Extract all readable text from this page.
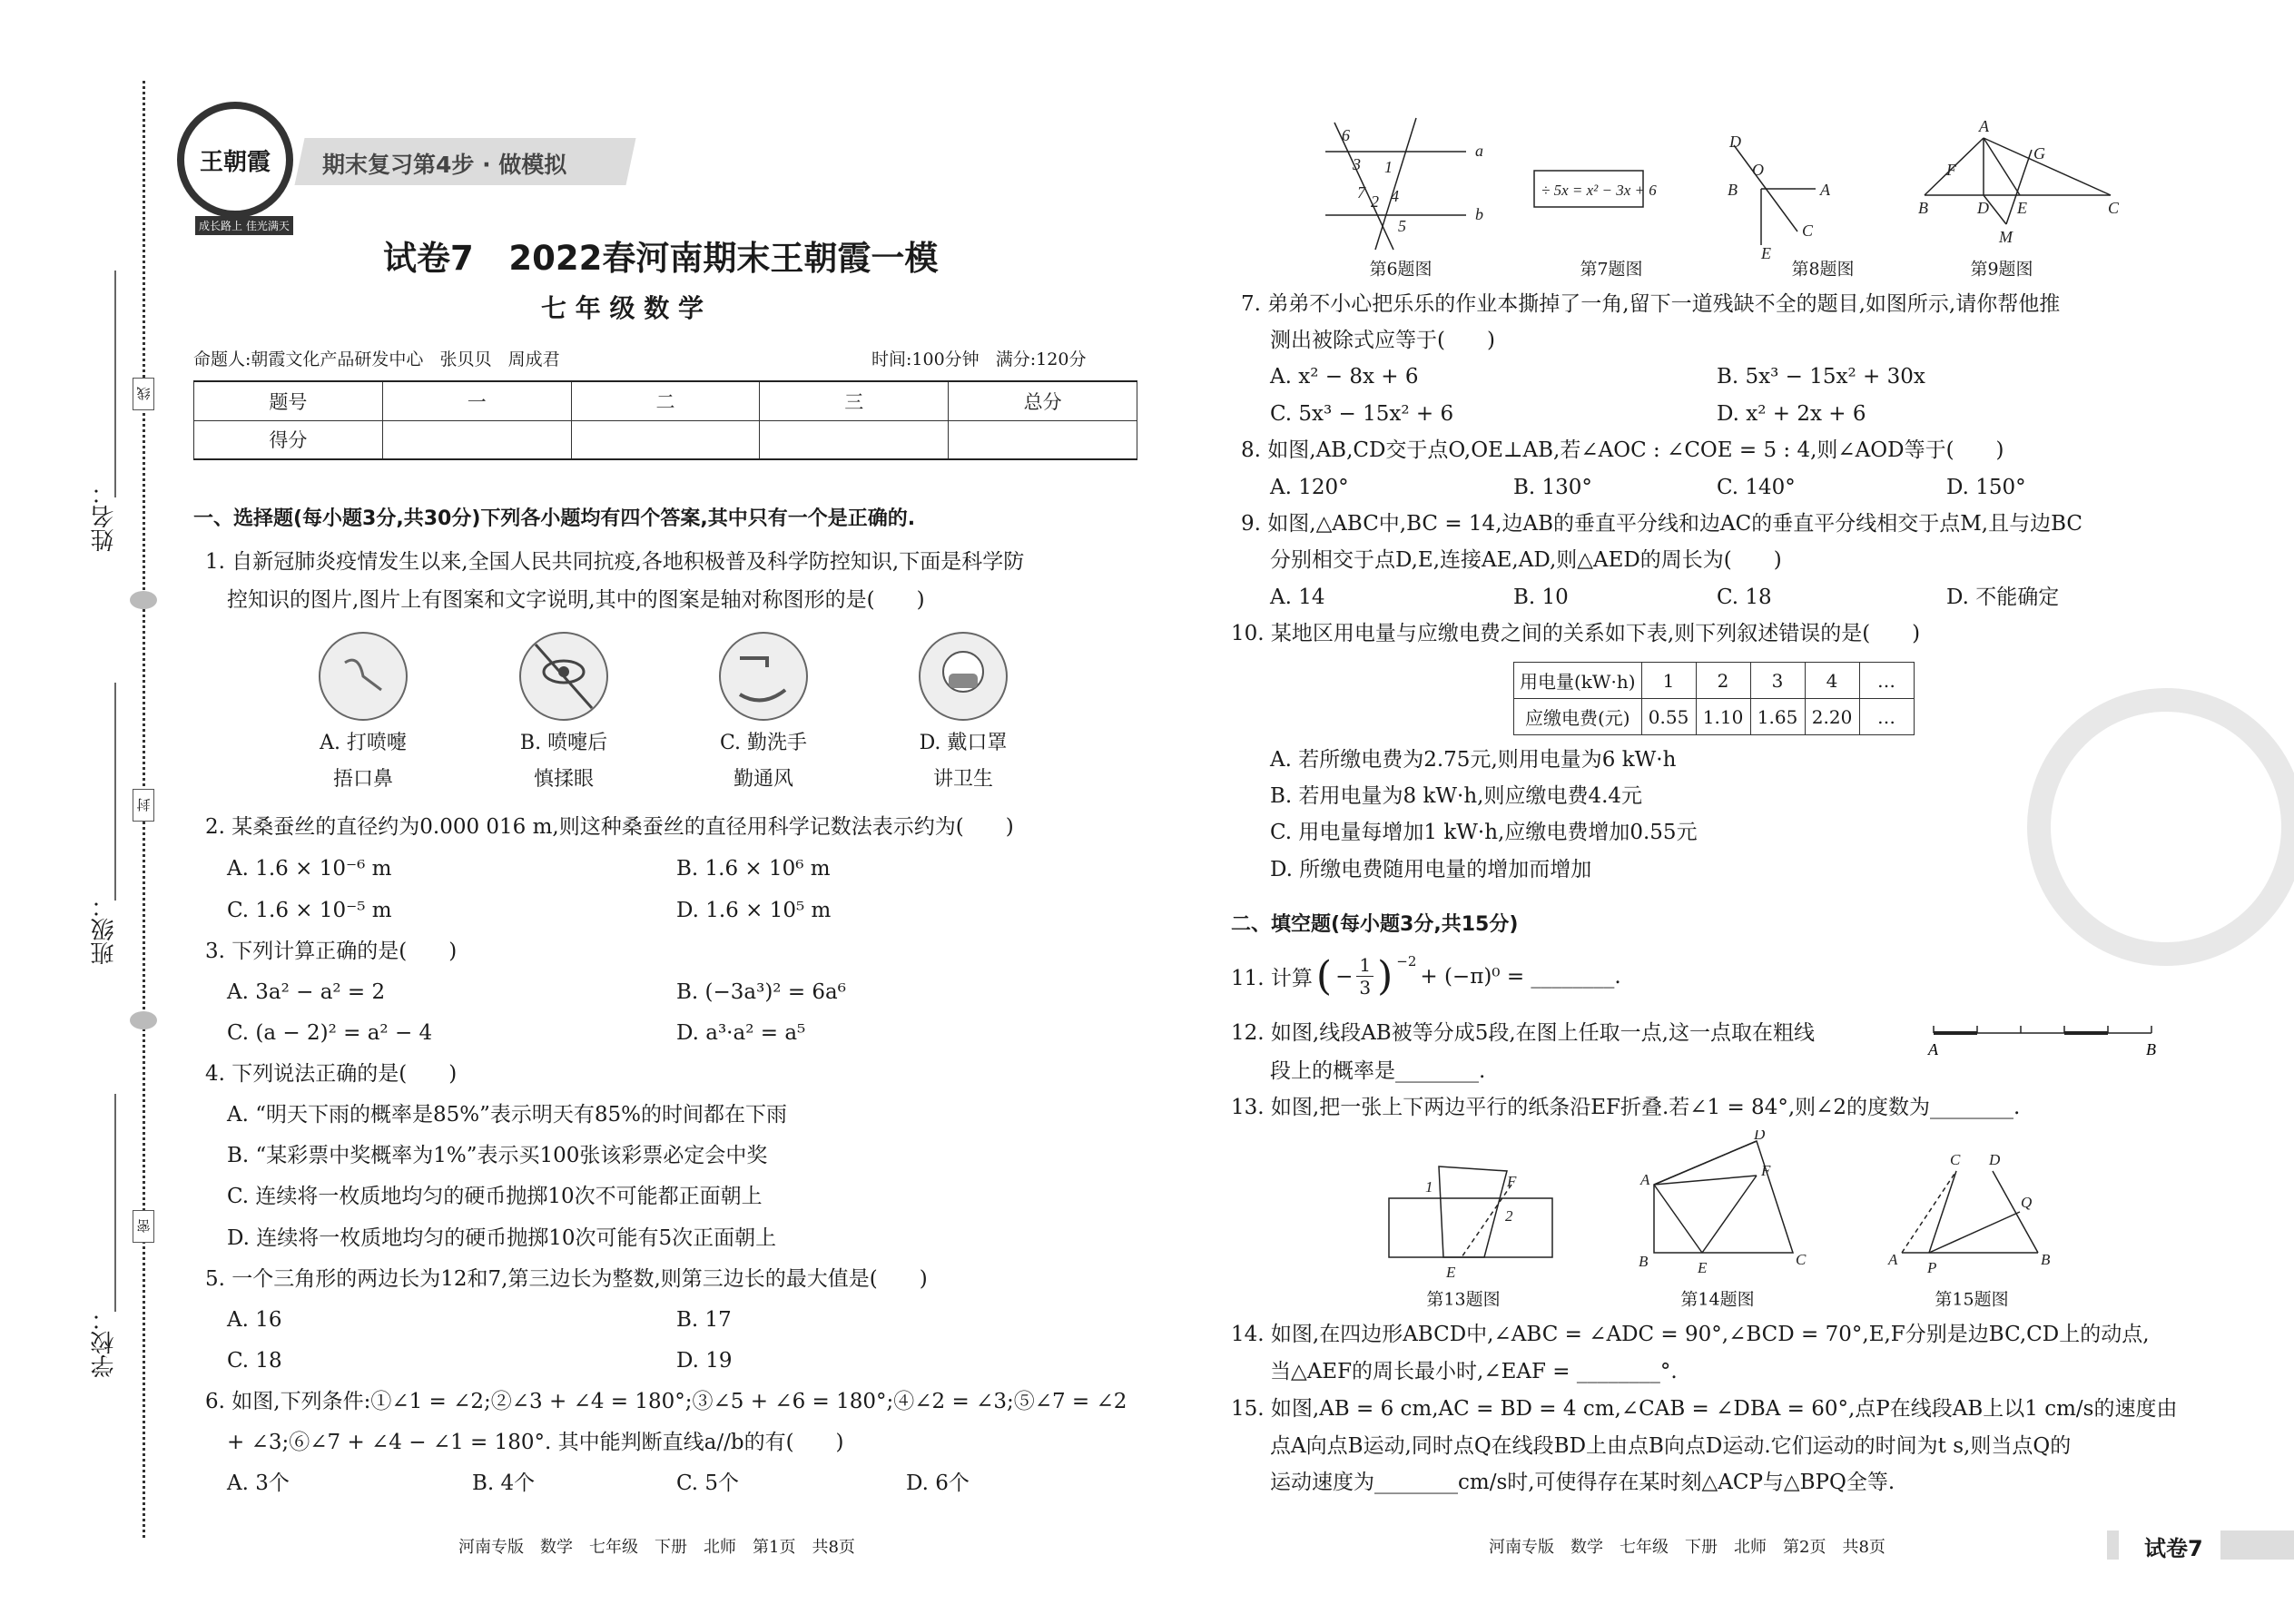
姓名：
班级：
学校：
线
封
密
期末复习第4步 · 做模拟
王朝霞
成长路上 佳光满天
试卷7   2022春河南期末王朝霞一模
七 年 级 数 学
命题人:朝霞文化产品研发中心   张贝贝   周成君	时间:100分钟   满分:120分
题号	一	二	三	总分
得分				
一、选择题(每小题3分,共30分)下列各小题均有四个答案,其中只有一个是正确的.
1. 自新冠肺炎疫情发生以来,全国人民共同抗疫,各地积极普及科学防控知识,下面是科学防
控知识的图片,图片上有图案和文字说明,其中的图案是轴对称图形的是(　　)
A. 打喷嚏
捂口鼻
B. 喷嚏后
慎揉眼
C. 勤洗手
勤通风
D. 戴口罩
讲卫生
2. 某桑蚕丝的直径约为0.000 016 m,则这种桑蚕丝的直径用科学记数法表示约为(　　)
A. 1.6 × 10⁻⁶ m	B. 1.6 × 10⁶ m
C. 1.6 × 10⁻⁵ m	D. 1.6 × 10⁵ m
3. 下列计算正确的是(　　)
A. 3a² − a² = 2	B. (−3a³)² = 6a⁶
C. (a − 2)² = a² − 4	D. a³·a² = a⁵
4. 下列说法正确的是(　　)
A. “明天下雨的概率是85%”表示明天有85%的时间都在下雨
B. “某彩票中奖概率为1%”表示买100张该彩票必定会中奖
C. 连续将一枚质地均匀的硬币抛掷10次不可能都正面朝上
D. 连续将一枚质地均匀的硬币抛掷10次可能有5次正面朝上
5. 一个三角形的两边长为12和7,第三边长为整数,则第三边长的最大值是(　　)
A. 16	B. 17
C. 18	D. 19
6. 如图,下列条件:①∠1 = ∠2;②∠3 + ∠4 = 180°;③∠5 + ∠6 = 180°;④∠2 = ∠3;⑤∠7 = ∠2
+ ∠3;⑥∠7 + ∠4 − ∠1 = 180°. 其中能判断直线a//b的有(　　)
A. 3个	B. 4个	C. 5个	D. 6个
河南专版　数学　七年级　下册　北师　第1页　共8页
a
b
6
3 1
7 2 4
5
÷ 5x = x² − 3x + 6
D
O
B	A
C
E
A
B	D E	C
F
G
M
第6题图	第7题图	第8题图	第9题图
7. 弟弟不小心把乐乐的作业本撕掉了一角,留下一道残缺不全的题目,如图所示,请你帮他推
测出被除式应等于(　　)
A. x² − 8x + 6	B. 5x³ − 15x² + 30x
C. 5x³ − 15x² + 6	D. x² + 2x + 6
8. 如图,AB,CD交于点O,OE⊥AB,若∠AOC : ∠COE = 5 : 4,则∠AOD等于(　　)
A. 120°	B. 130°	C. 140°	D. 150°
9. 如图,△ABC中,BC = 14,边AB的垂直平分线和边AC的垂直平分线相交于点M,且与边BC
分别相交于点D,E,连接AE,AD,则△AED的周长为(　　)
A. 14	B. 10	C. 18	D. 不能确定
10. 某地区用电量与应缴电费之间的关系如下表,则下列叙述错误的是(　　)
用电量(kW·h)	1	2	3	4	…
应缴电费(元)	0.55	1.10	1.65	2.20	…
A. 若所缴电费为2.75元,则用电量为6 kW·h
B. 若用电量为8 kW·h,则应缴电费4.4元
C. 用电量每增加1 kW·h,应缴电费增加0.55元
D. 所缴电费随用电量的增加而增加
二、填空题(每小题3分,共15分)
11. 计算 ( − $\frac{1}{3}$ ) −2
+ (−π)⁰ = ________.
12. 如图,线段AB被等分成5段,在图上任取一点,这一点取在粗线
段上的概率是________.
A	B
13. 如图,把一张上下两边平行的纸条沿EF折叠.若∠1 = 84°,则∠2的度数为________.
1	F
2
E
A
B	E	C
D
F
A P	B
C D
Q
第13题图	第14题图	第15题图
14. 如图,在四边形ABCD中,∠ABC = ∠ADC = 90°,∠BCD = 70°,E,F分别是边BC,CD上的动点,
当△AEF的周长最小时,∠EAF = ________°.
15. 如图,AB = 6 cm,AC = BD = 4 cm,∠CAB = ∠DBA = 60°,点P在线段AB上以1 cm/s的速度由
点A向点B运动,同时点Q在线段BD上由点B向点D运动.它们运动的时间为t s,则当点Q的
运动速度为________cm/s时,可使得存在某时刻△ACP与△BPQ全等.
河南专版　数学　七年级　下册　北师　第2页　共8页	试卷7
